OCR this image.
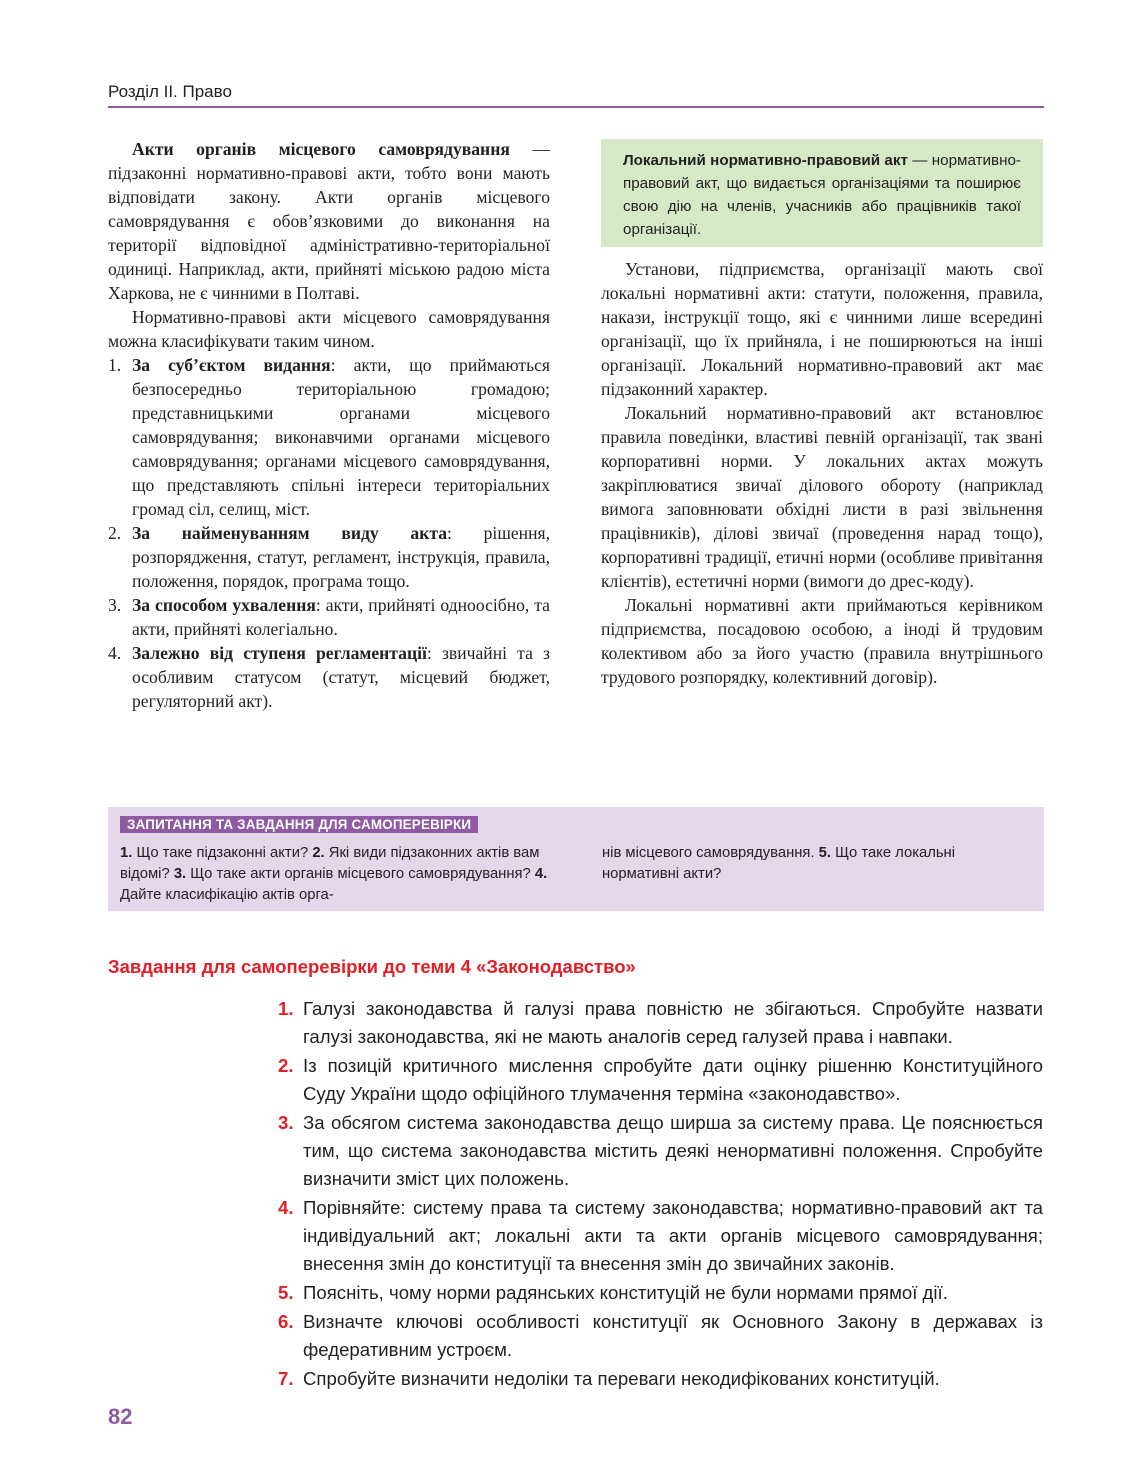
Розділ ІІ. Право

Акти органів місцевого самоврядування — підзаконні нормативно-правові акти, тобто вони мають відповідати закону. Акти органів місцевого самоврядування є обов’язковими до виконання на території відповідної адміністративно-територіальної одиниці. Наприклад, акти, прийняті міською радою міста Харкова, не є чинними в Полтаві.

Нормативно-правові акти місцевого самоврядування можна класифікувати таким чином.

1. За суб’єктом видання: акти, що приймаються безпосередньо територіальною громадою; представницькими органами місцевого самоврядування; виконавчими органами місцевого самоврядування; органами місцевого самоврядування, що представляють спільні інтереси територіальних громад сіл, селищ, міст.
2. За найменуванням виду акта: рішення, розпорядження, статут, регламент, інструкція, правила, положення, порядок, програма тощо.
3. За способом ухвалення: акти, прийняті одноосібно, та акти, прийняті колегіально.
4. Залежно від ступеня регламентації: звичайні та з особливим статусом (статут, місцевий бюджет, регуляторний акт).
Локальний нормативно-правовий акт — нормативно-правовий акт, що видається організаціями та поширює свою дію на членів, учасників або працівників такої організації.

Установи, підприємства, організації мають свої локальні нормативні акти: статути, положення, правила, накази, інструкції тощо, які є чинними лише всередині організації, що їх прийняла, і не поширюються на інші організації. Локальний нормативно-правовий акт має підзаконний характер.

Локальний нормативно-правовий акт встановлює правила поведінки, властиві певній організації, так звані корпоративні норми. У локальних актах можуть закріплюватися звичаї ділового обороту (наприклад вимога заповнювати обхідні листи в разі звільнення працівників), ділові звичаї (проведення нарад тощо), корпоративні традиції, етичні норми (особливе привітання клієнтів), естетичні норми (вимоги до дрес-коду).

Локальні нормативні акти приймаються керівником підприємства, посадовою особою, а іноді й трудовим колективом або за його участю (правила внутрішнього трудового розпорядку, колективний договір).

ЗАПИТАННЯ ТА ЗАВДАННЯ ДЛЯ САМОПЕРЕВІРКИ
1. Що таке підзаконні акти? 2. Які види підзаконних актів вам відомі? 3. Що таке акти органів місцевого самоврядування? 4. Дайте класифікацію актів орга-
нів місцевого самоврядування. 5. Що таке локальні нормативні акти?
Завдання для самоперевірки до теми 4 «Законодавство»
1. Галузі законодавства й галузі права повністю не збігаються. Спробуйте назвати галузі законодавства, які не мають аналогів серед галузей права і навпаки.
2. Із позицій критичного мислення спробуйте дати оцінку рішенню Конституційного Суду України щодо офіційного тлумачення терміна «законодавство».
3. За обсягом система законодавства дещо ширша за систему права. Це пояснюється тим, що система законодавства містить деякі ненормативні положення. Спробуйте визначити зміст цих положень.
4. Порівняйте: систему права та систему законодавства; нормативно-правовий акт та індивідуальний акт; локальні акти та акти органів місцевого самоврядування; внесення змін до конституції та внесення змін до звичайних законів.
5. Поясніть, чому норми радянських конституцій не були нормами прямої дії.
6. Визначте ключові особливості конституції як Основного Закону в державах із федеративним устроєм.
7. Спробуйте визначити недоліки та переваги некодифікованих конституцій.
82
